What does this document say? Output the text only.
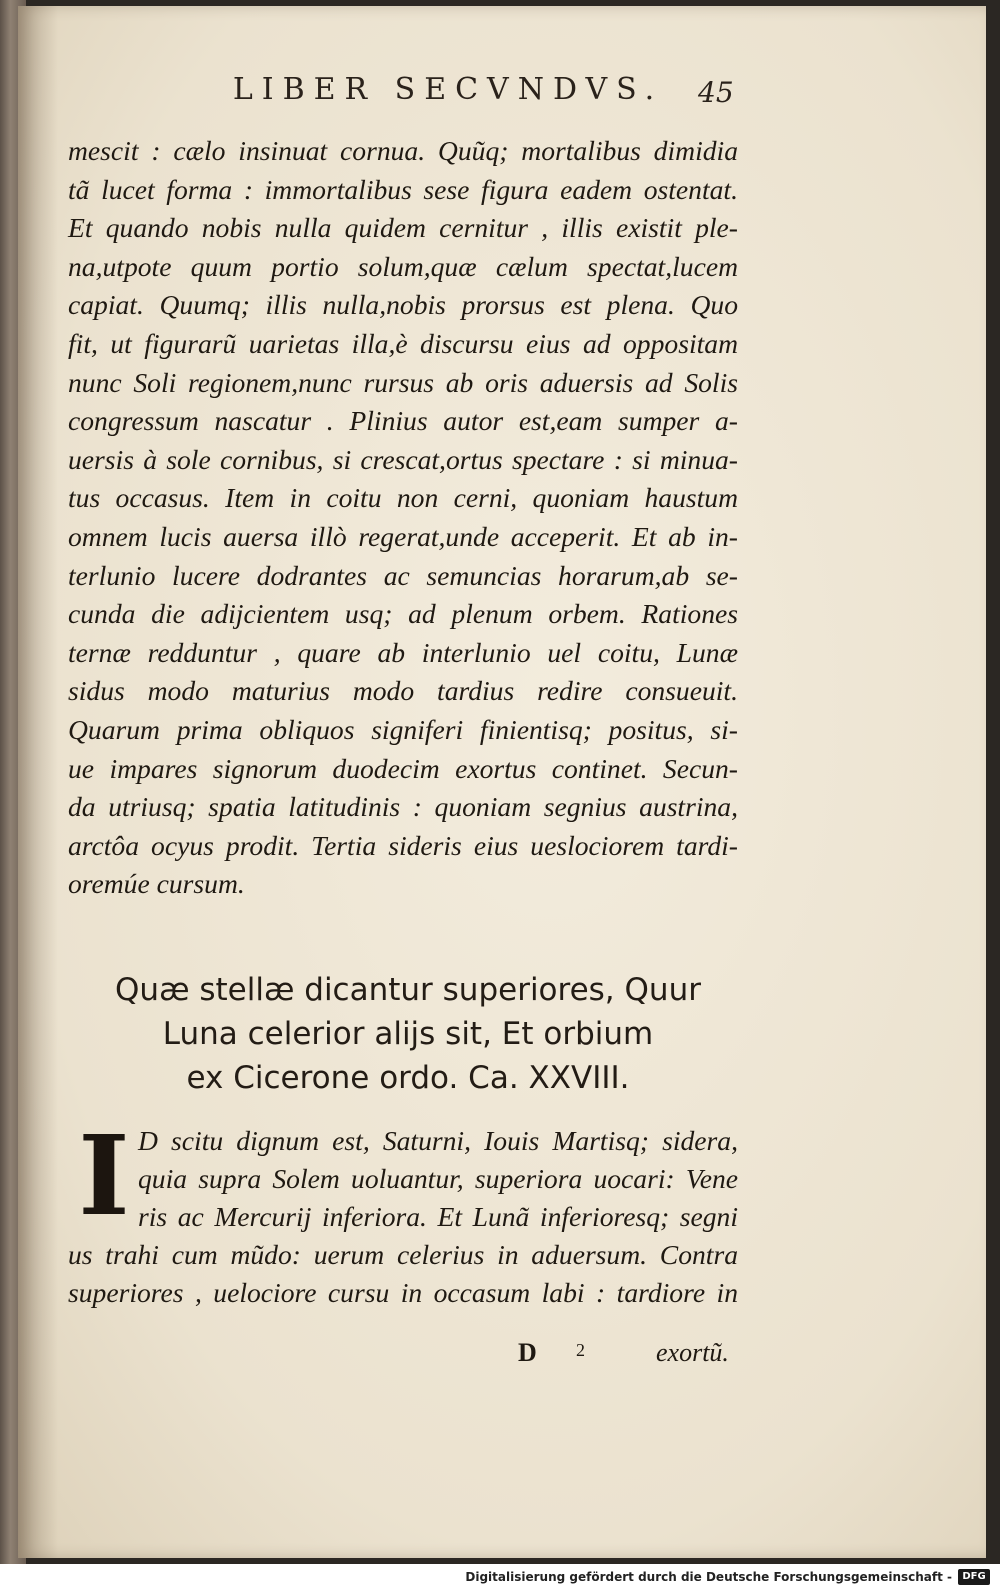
LIBER SECVNDVS.	45
mescit : cælo insinuat cornua. Quũq; mortalibus dimidia
tã lucet forma : immortalibus sese figura eadem ostentat.
Et quando nobis nulla quidem cernitur , illis existit ple-
na,utpote quum portio solum,quæ cælum spectat,lucem
capiat. Quumq; illis nulla,nobis prorsus est plena. Quo
fit, ut figurarũ uarietas illa,è discursu eius ad oppositam
nunc Soli regionem,nunc rursus ab oris aduersis ad Solis
congressum nascatur . Plinius autor est,eam sumper a-
uersis à sole cornibus, si crescat,ortus spectare : si minua-
tus occasus. Item in coitu non cerni, quoniam haustum
omnem lucis auersa illò regerat,unde acceperit. Et ab in-
terlunio lucere dodrantes ac semuncias horarum,ab se-
cunda die adijcientem usq; ad plenum orbem. Rationes
ternæ redduntur , quare ab interlunio uel coitu, Lunæ
sidus modo maturius modo tardius redire consueuit.
Quarum prima obliquos signiferi finientisq; positus, si-
ue impares signorum duodecim exortus continet. Secun-
da utriusq; spatia latitudinis : quoniam segnius austrina,
arctôa ocyus prodit. Tertia sideris eius ueslociorem tardi-
oremúe cursum.
Quæ stellæ dicantur superiores, Quur
Luna celerior alijs sit, Et orbium
ex Cicerone ordo. Ca. XXVIII.
I D scitu dignum est, Saturni, Iouis Martisq; sidera,
quia supra Solem uoluantur, superiora uocari: Vene
ris ac Mercurij inferiora. Et Lunã inferioresq; segni
us trahi cum mũdo: uerum celerius in aduersum. Contra
superiores , uelociore cursu in occasum labi : tardiore in
D 2	exortũ.
Digitalisierung gefördert durch die Deutsche Forschungsgemeinschaft -	DFG
